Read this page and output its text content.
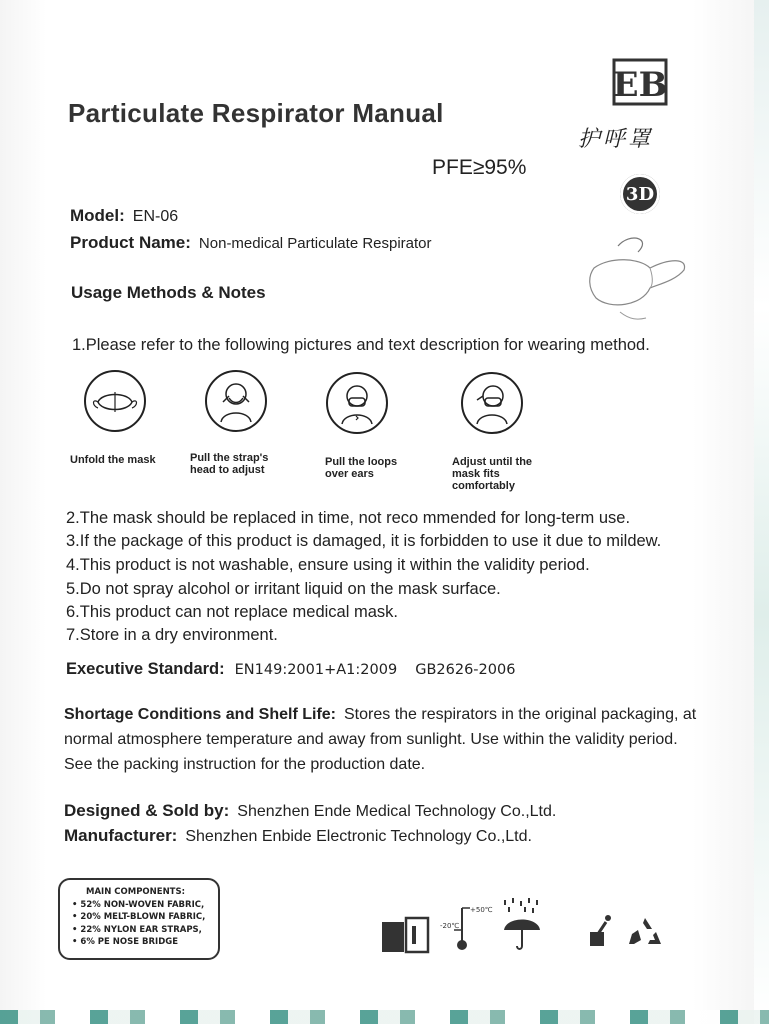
Particulate Respirator Manual
PFE≥95%
EB
护呼罩
3D
Model: EN-06
Product Name: Non-medical Particulate Respirator
Usage Methods & Notes
1.Please refer to the following pictures and text description for wearing method.
Unfold the mask	Pull the strap's head to adjust
Pull the loops over ears
Adjust until the mask fits comfortably
2.The mask should be replaced in time, not reco mmended for long-term use.
3.If the package of this product is damaged, it is forbidden to use it due to mildew.
4.This product is not washable, ensure using it within the validity period.
5.Do not spray alcohol or irritant liquid on the mask surface.
6.This product can not replace medical mask.
7.Store in a dry environment.
Executive Standard: EN149:2001+A1:2009 GB2626-2006
Shortage Conditions and Shelf Life: Stores the respirators in the original packaging, at normal atmosphere temperature and away from sunlight. Use within the validity period. See the packing instruction for the production date.
Designed & Sold by: Shenzhen Ende Medical Technology Co.,Ltd.
Manufacturer: Shenzhen Enbide Electronic Technology Co.,Ltd.
MAIN COMPONENTS:
• 52% NON-WOVEN FABRIC,
• 20% MELT-BLOWN FABRIC,
• 22% NYLON EAR STRAPS,
• 6% PE NOSE BRIDGE
+50℃
-20℃
